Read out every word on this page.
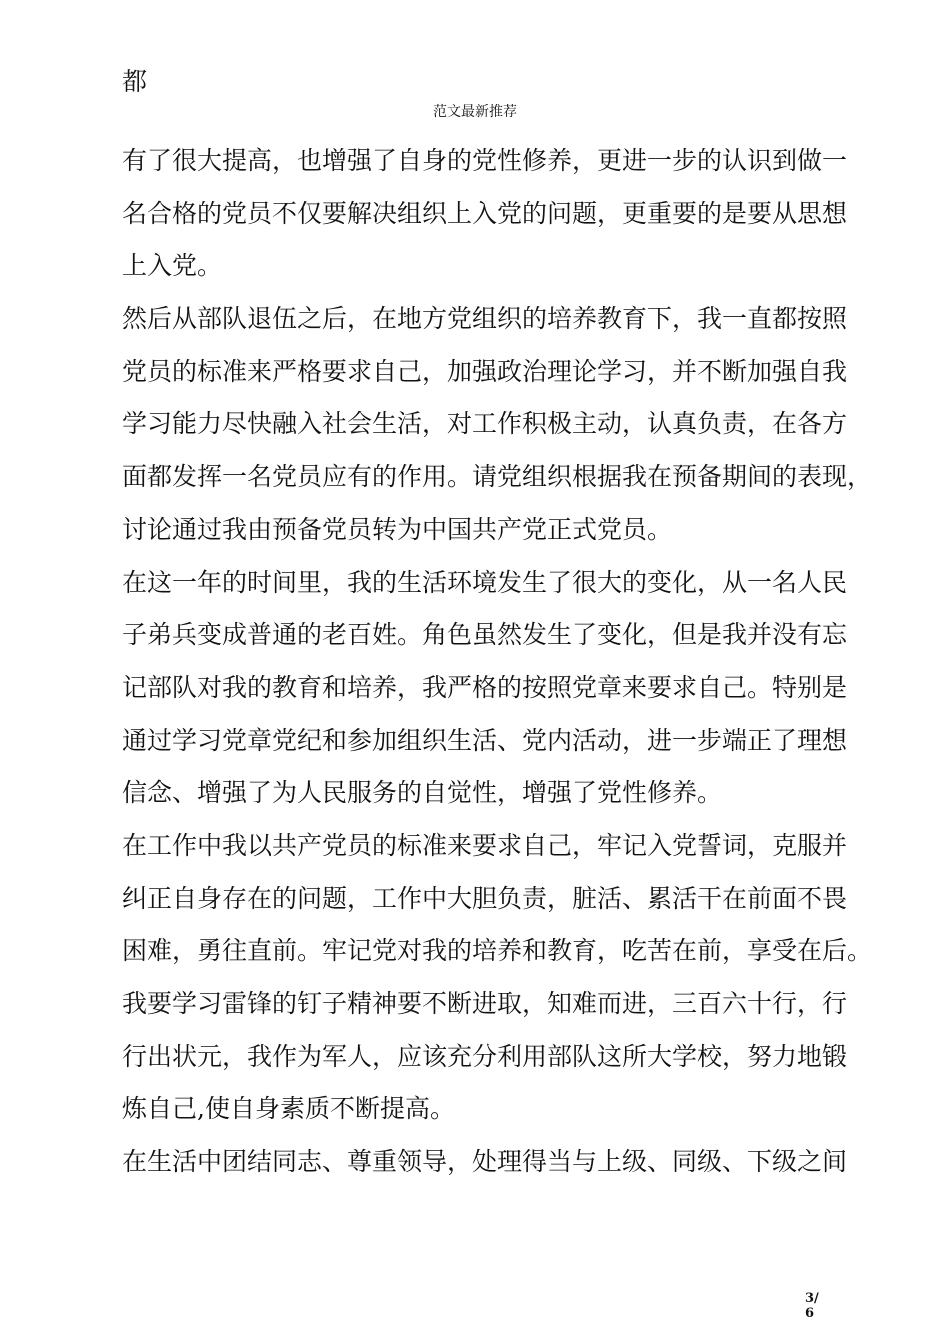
都
范文最新推荐
有了很大提高，也增强了自身的党性修养，更进一步的认识到做一
名合格的党员不仅要解决组织上入党的问题，更重要的是要从思想
上入党。
然后从部队退伍之后，在地方党组织的培养教育下，我一直都按照
党员的标准来严格要求自己，加强政治理论学习，并不断加强自我
学习能力尽快融入社会生活，对工作积极主动，认真负责，在各方
面都发挥一名党员应有的作用。请党组织根据我在预备期间的表现，
讨论通过我由预备党员转为中国共产党正式党员。
在这一年的时间里，我的生活环境发生了很大的变化，从一名人民
子弟兵变成普通的老百姓。角色虽然发生了变化，但是我并没有忘
记部队对我的教育和培养，我严格的按照党章来要求自己。特别是
通过学习党章党纪和参加组织生活、党内活动，进一步端正了理想
信念、增强了为人民服务的自觉性，增强了党性修养。
在工作中我以共产党员的标准来要求自己，牢记入党誓词，克服并
纠正自身存在的问题，工作中大胆负责，脏活、累活干在前面不畏
困难，勇往直前。牢记党对我的培养和教育，吃苦在前，享受在后。
我要学习雷锋的钉子精神要不断进取，知难而进，三百六十行，行
行出状元，我作为军人，应该充分利用部队这所大学校，努力地锻
炼自己,使自身素质不断提高。
在生活中团结同志、尊重领导，处理得当与上级、同级、下级之间
3/
6
